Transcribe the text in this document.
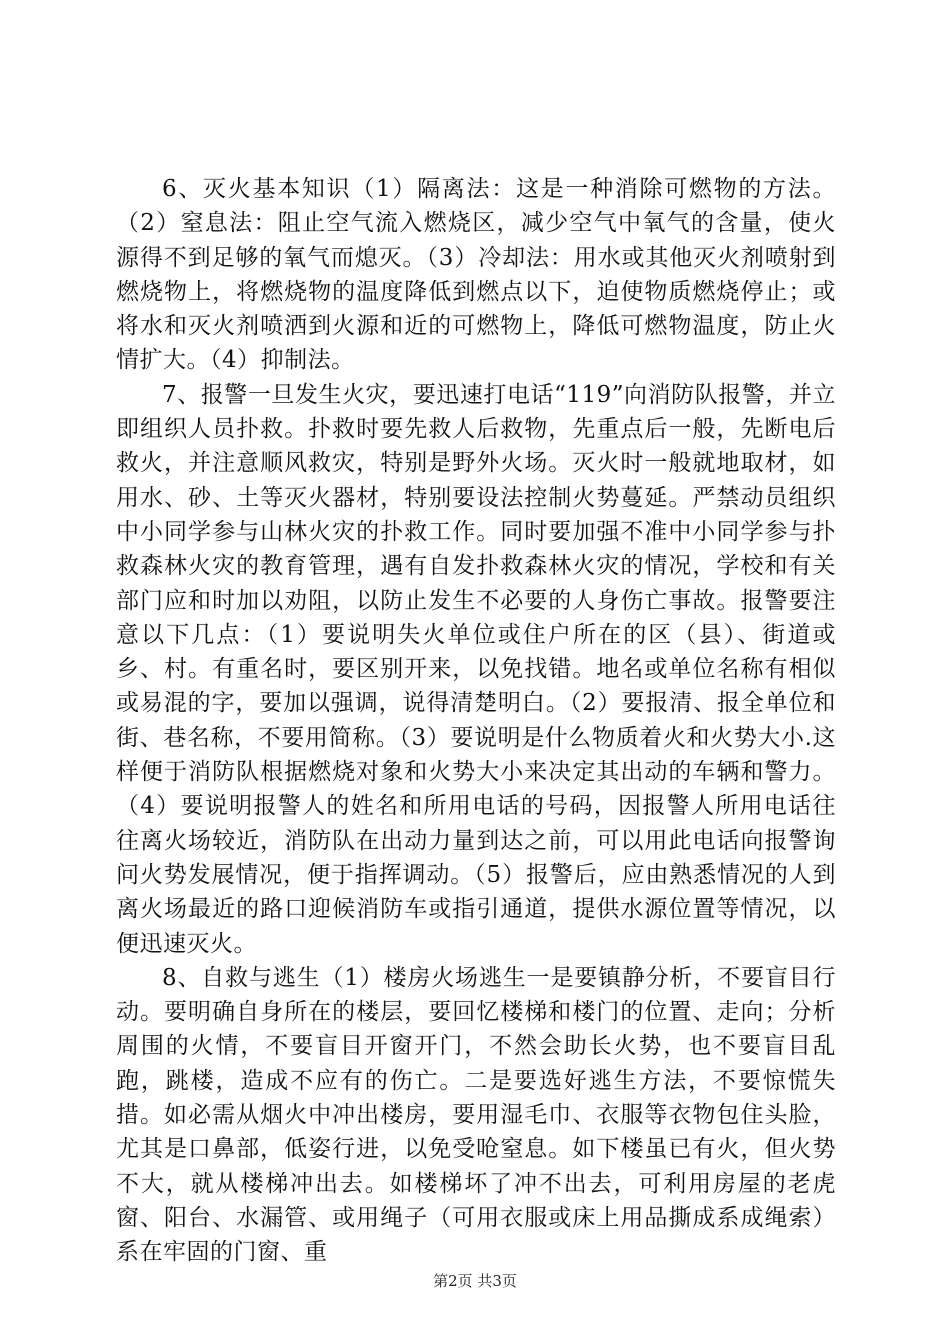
6、灭火基本知识（1）隔离法：这是一种消除可燃物的方法。（2）窒息法：阻止空气流入燃烧区，减少空气中氧气的含量，使火源得不到足够的氧气而熄灭。（3）冷却法：用水或其他灭火剂喷射到燃烧物上，将燃烧物的温度降低到燃点以下，迫使物质燃烧停止；或将水和灭火剂喷洒到火源和近的可燃物上，降低可燃物温度，防止火情扩大。（4）抑制法。

7、报警一旦发生火灾，要迅速打电话“119”向消防队报警，并立即组织人员扑救。扑救时要先救人后救物，先重点后一般，先断电后救火，并注意顺风救灾，特别是野外火场。灭火时一般就地取材，如用水、砂、土等灭火器材，特别要设法控制火势蔓延。严禁动员组织中小同学参与山林火灾的扑救工作。同时要加强不准中小同学参与扑救森林火灾的教育管理，遇有自发扑救森林火灾的情况，学校和有关部门应和时加以劝阻，以防止发生不必要的人身伤亡事故。报警要注意以下几点：（1）要说明失火单位或住户所在的区（县）、街道或乡、村。有重名时，要区别开来，以免找错。地名或单位名称有相似或易混的字，要加以强调，说得清楚明白。（2）要报清、报全单位和街、巷名称，不要用简称。（3）要说明是什么物质着火和火势大小.这样便于消防队根据燃烧对象和火势大小来决定其出动的车辆和警力。（4）要说明报警人的姓名和所用电话的号码，因报警人所用电话往往离火场较近，消防队在出动力量到达之前，可以用此电话向报警询问火势发展情况，便于指挥调动。（5）报警后，应由熟悉情况的人到离火场最近的路口迎候消防车或指引通道，提供水源位置等情况，以便迅速灭火。

8、自救与逃生（1）楼房火场逃生一是要镇静分析，不要盲目行动。要明确自身所在的楼层，要回忆楼梯和楼门的位置、走向；分析周围的火情，不要盲目开窗开门，不然会助长火势，也不要盲目乱跑，跳楼，造成不应有的伤亡。二是要选好逃生方法，不要惊慌失措。如必需从烟火中冲出楼房，要用湿毛巾、衣服等衣物包住头脸，尤其是口鼻部，低姿行进，以免受呛窒息。如下楼虽已有火，但火势不大，就从楼梯冲出去。如楼梯坏了冲不出去，可利用房屋的老虎窗、阳台、水漏管、或用绳子（可用衣服或床上用品撕成系成绳索）系在牢固的门窗、重

第2页 共3页
